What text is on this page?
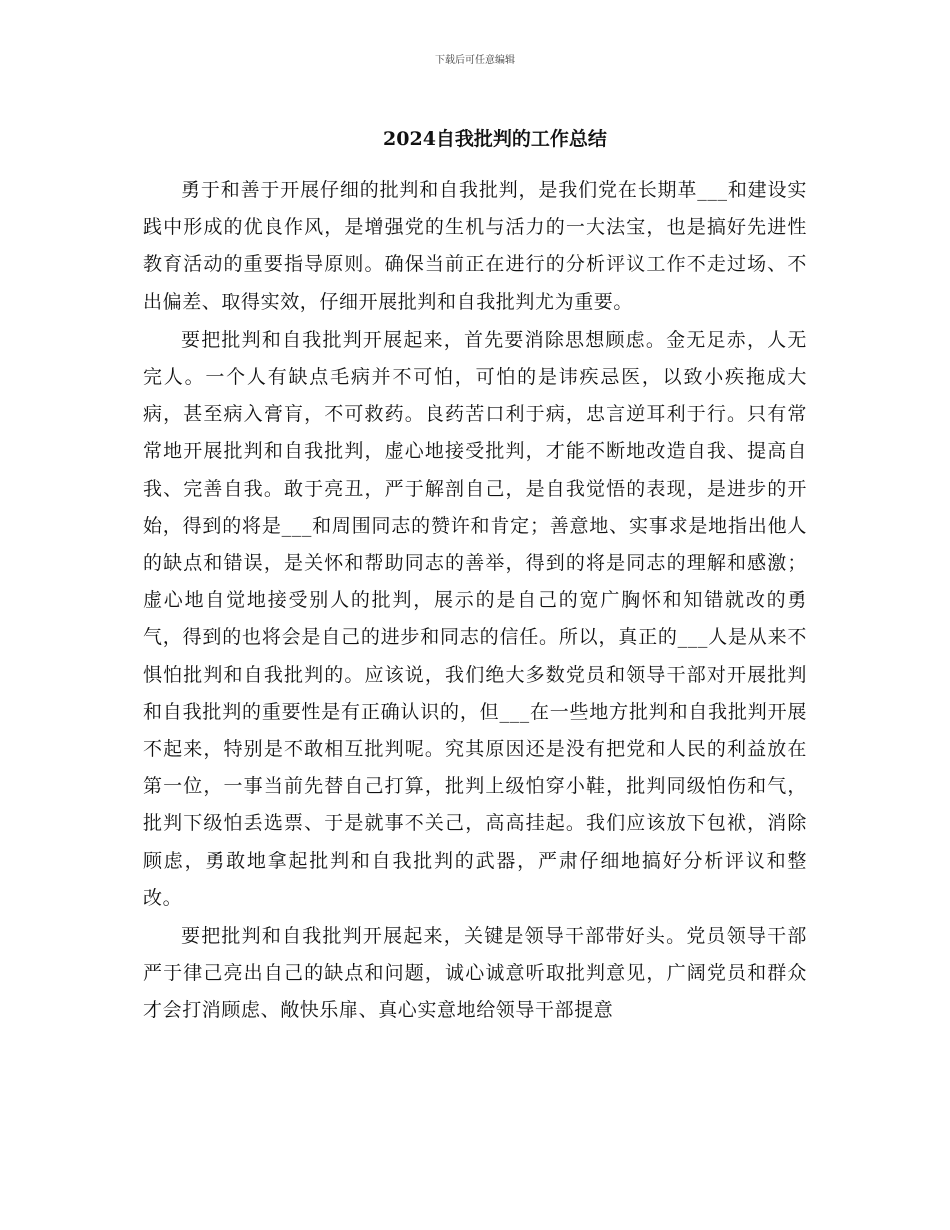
下载后可任意编辑
2024自我批判的工作总结

勇于和善于开展仔细的批判和自我批判，是我们党在长期革___和建设实践中形成的优良作风，是增强党的生机与活力的一大法宝，也是搞好先进性教育活动的重要指导原则。确保当前正在进行的分析评议工作不走过场、不出偏差、取得实效，仔细开展批判和自我批判尤为重要。

要把批判和自我批判开展起来，首先要消除思想顾虑。金无足赤，人无完人。一个人有缺点毛病并不可怕，可怕的是讳疾忌医，以致小疾拖成大病，甚至病入膏肓，不可救药。良药苦口利于病，忠言逆耳利于行。只有常常地开展批判和自我批判，虚心地接受批判，才能不断地改造自我、提高自我、完善自我。敢于亮丑，严于解剖自己，是自我觉悟的表现，是进步的开始，得到的将是___和周围同志的赞许和肯定；善意地、实事求是地指出他人的缺点和错误，是关怀和帮助同志的善举，得到的将是同志的理解和感激；虚心地自觉地接受别人的批判，展示的是自己的宽广胸怀和知错就改的勇气，得到的也将会是自己的进步和同志的信任。所以，真正的___人是从来不惧怕批判和自我批判的。应该说，我们绝大多数党员和领导干部对开展批判和自我批判的重要性是有正确认识的，但___在一些地方批判和自我批判开展不起来，特别是不敢相互批判呢。究其原因还是没有把党和人民的利益放在第一位，一事当前先替自己打算，批判上级怕穿小鞋，批判同级怕伤和气，批判下级怕丢选票、于是就事不关己，高高挂起。我们应该放下包袱，消除顾虑，勇敢地拿起批判和自我批判的武器，严肃仔细地搞好分析评议和整改。

要把批判和自我批判开展起来，关键是领导干部带好头。党员领导干部严于律己亮出自己的缺点和问题，诚心诚意听取批判意见，广阔党员和群众才会打消顾虑、敞快乐扉、真心实意地给领导干部提意
